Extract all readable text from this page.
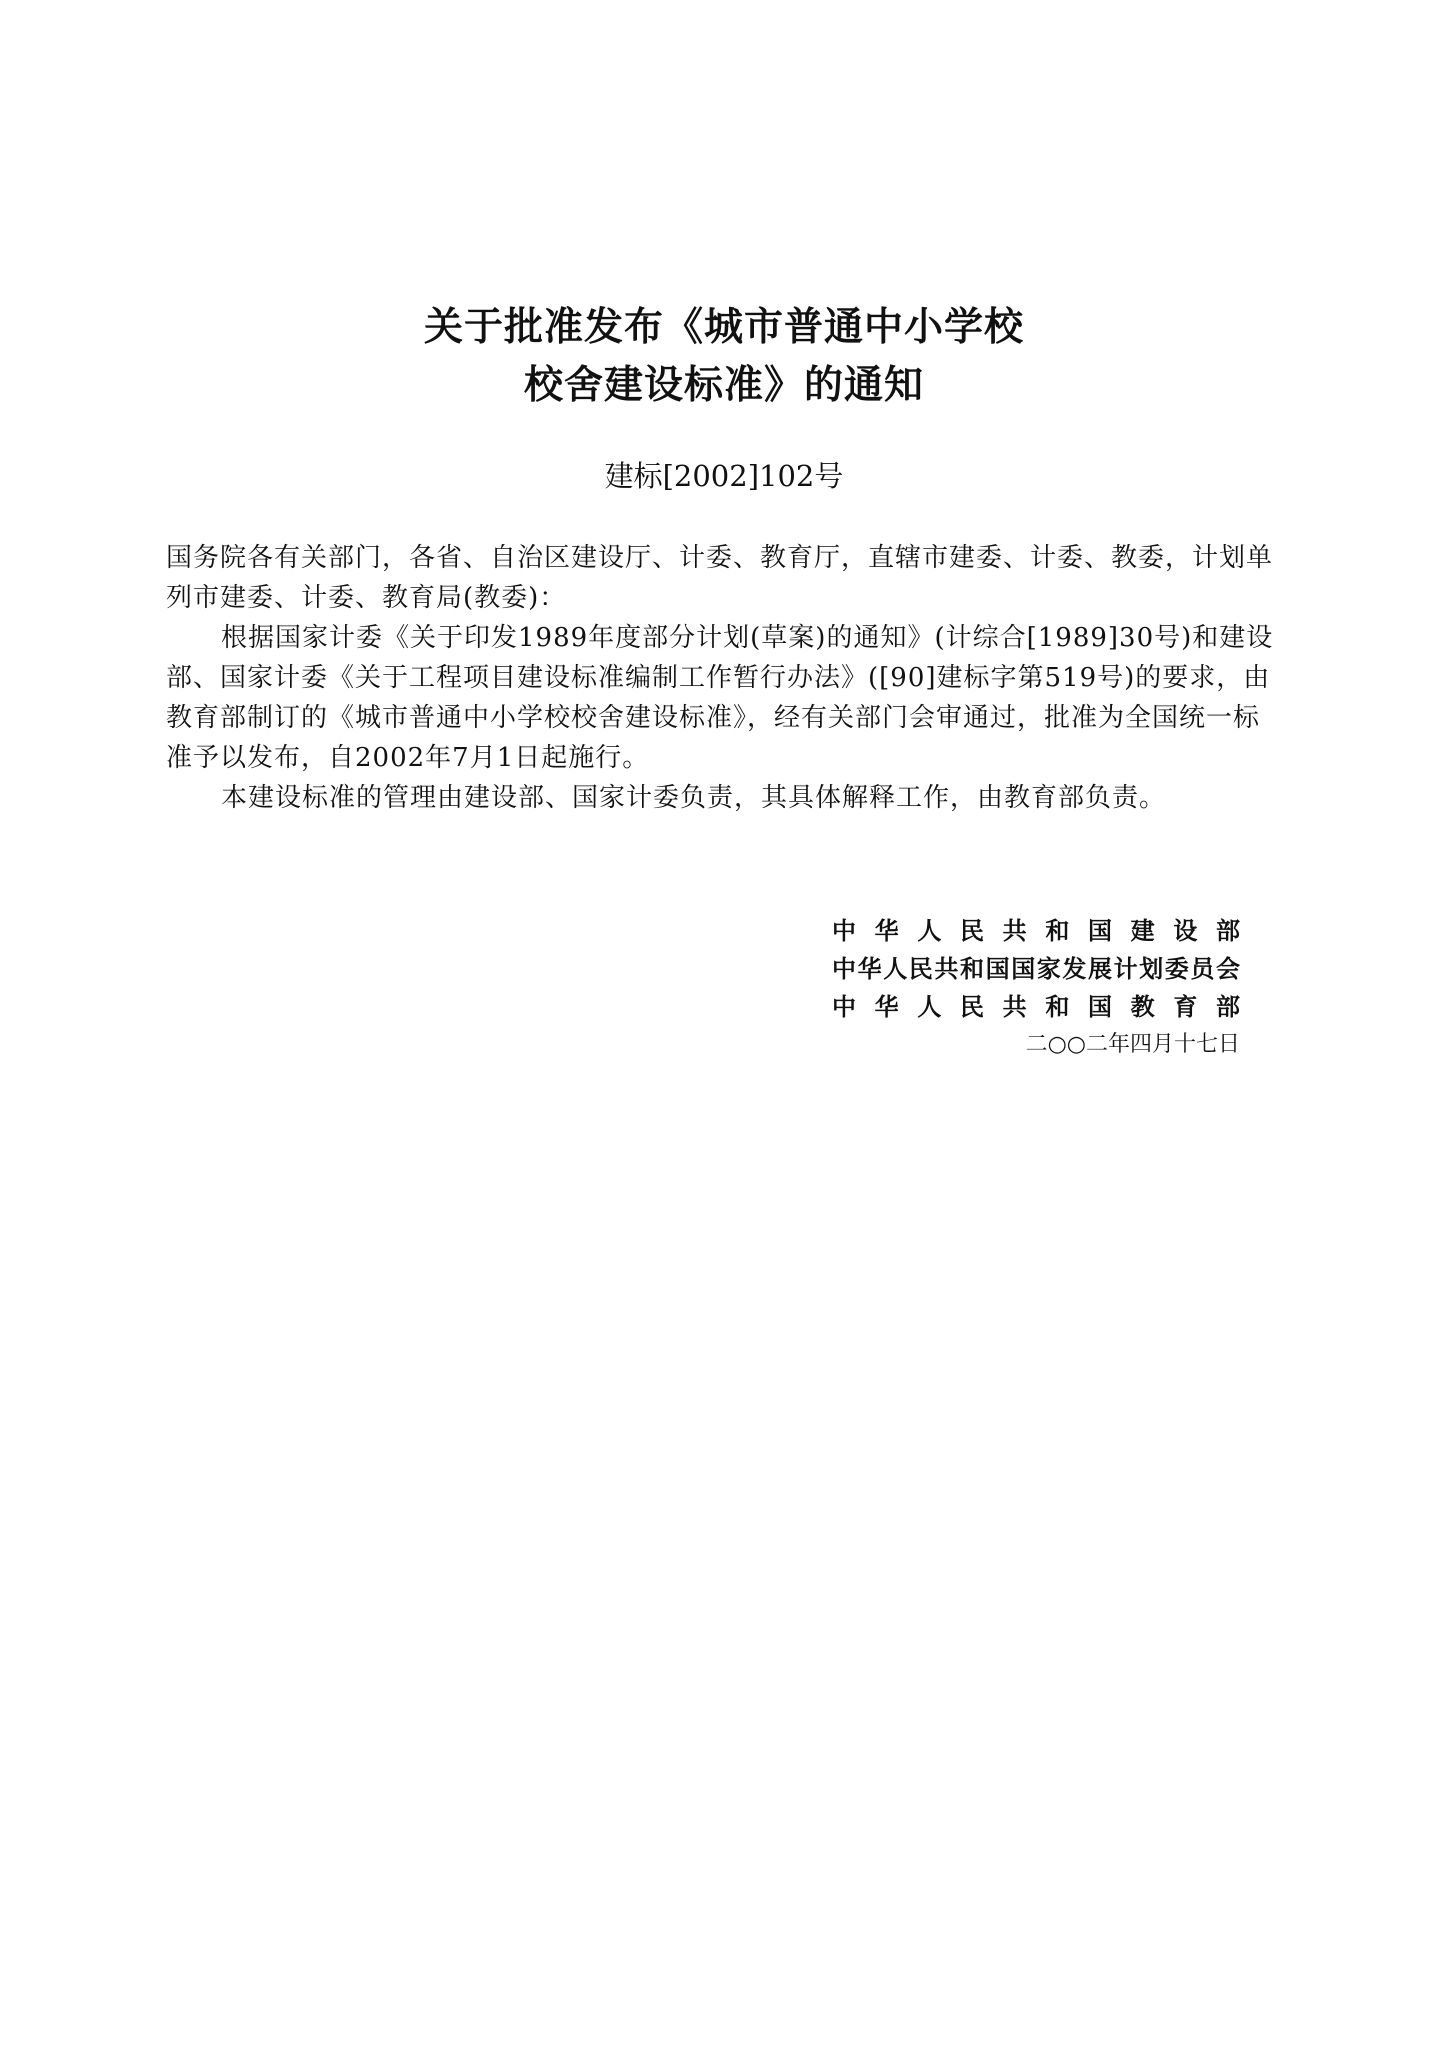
关于批准发布《城市普通中小学校
校舍建设标准》的通知
建标[2002]102号
国务院各有关部门，各省、自治区建设厅、计委、教育厅，直辖市建委、计委、教委，计划单列市建委、计委、教育局(教委)：
根据国家计委《关于印发1989年度部分计划(草案)的通知》(计综合[1989]30号)和建设部、国家计委《关于工程项目建设标准编制工作暂行办法》([90]建标字第519号)的要求，由教育部制订的《城市普通中小学校校舍建设标准》，经有关部门会审通过，批准为全国统一标准予以发布，自2002年7月1日起施行。
本建设标准的管理由建设部、国家计委负责，其具体解释工作，由教育部负责。
中华人民共和国建设部
中华人民共和国国家发展计划委员会
中华人民共和国教育部
二○○二年四月十七日
